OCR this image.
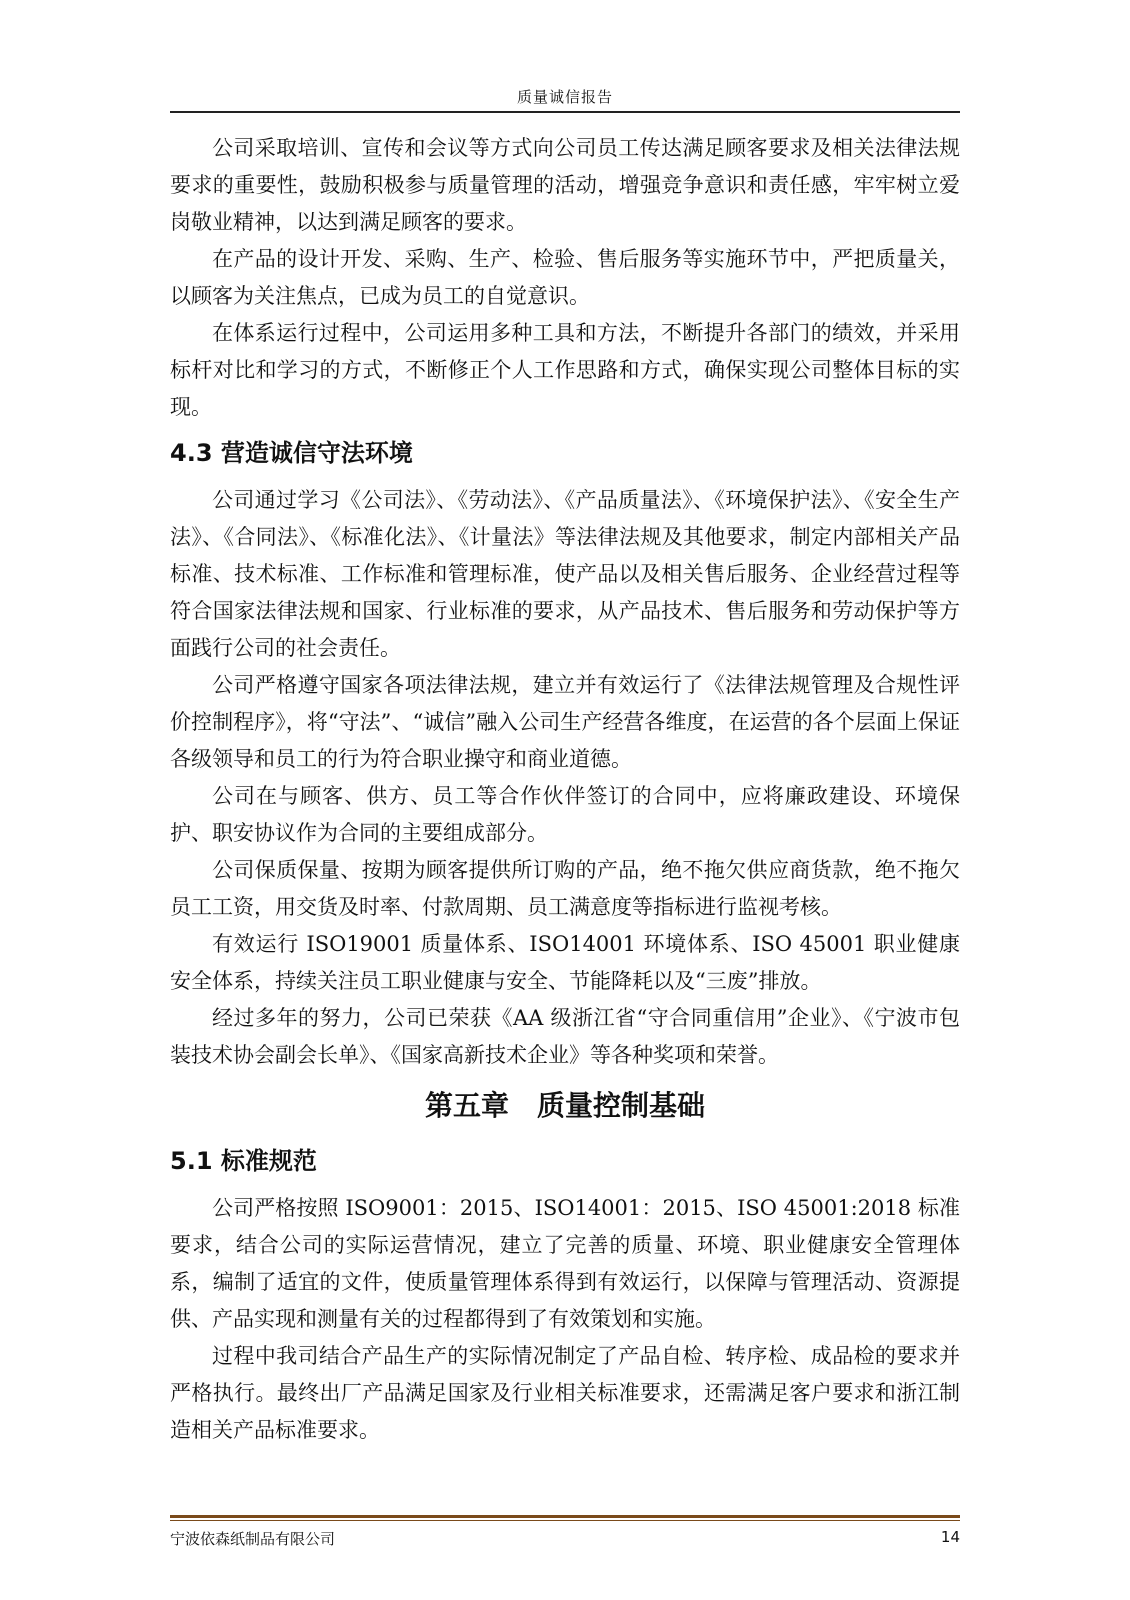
质量诚信报告

公司采取培训、宣传和会议等方式向公司员工传达满足顾客要求及相关法律法规要求的重要性，鼓励积极参与质量管理的活动，增强竞争意识和责任感，牢牢树立爱岗敬业精神，以达到满足顾客的要求。

在产品的设计开发、采购、生产、检验、售后服务等实施环节中，严把质量关，以顾客为关注焦点，已成为员工的自觉意识。

在体系运行过程中，公司运用多种工具和方法，不断提升各部门的绩效，并采用标杆对比和学习的方式，不断修正个人工作思路和方式，确保实现公司整体目标的实现。

4.3 营造诚信守法环境

公司通过学习《公司法》、《劳动法》、《产品质量法》、《环境保护法》、《安全生产法》、《合同法》、《标准化法》、《计量法》等法律法规及其他要求，制定内部相关产品标准、技术标准、工作标准和管理标准，使产品以及相关售后服务、企业经营过程等符合国家法律法规和国家、行业标准的要求，从产品技术、售后服务和劳动保护等方面践行公司的社会责任。

公司严格遵守国家各项法律法规，建立并有效运行了《法律法规管理及合规性评价控制程序》，将“守法”、“诚信”融入公司生产经营各维度，在运营的各个层面上保证各级领导和员工的行为符合职业操守和商业道德。

公司在与顾客、供方、员工等合作伙伴签订的合同中，应将廉政建设、环境保护、职安协议作为合同的主要组成部分。

公司保质保量、按期为顾客提供所订购的产品，绝不拖欠供应商货款，绝不拖欠员工工资，用交货及时率、付款周期、员工满意度等指标进行监视考核。

有效运行 ISO19001 质量体系、ISO14001 环境体系、ISO 45001 职业健康安全体系，持续关注员工职业健康与安全、节能降耗以及“三废”排放。

经过多年的努力，公司已荣获《AA 级浙江省“守合同重信用”企业》、《宁波市包装技术协会副会长单》、《国家高新技术企业》等各种奖项和荣誉。

第五章　质量控制基础
5.1 标准规范

公司严格按照 ISO9001：2015、ISO14001：2015、ISO 45001:2018 标准要求，结合公司的实际运营情况，建立了完善的质量、环境、职业健康安全管理体系，编制了适宜的文件，使质量管理体系得到有效运行，以保障与管理活动、资源提供、产品实现和测量有关的过程都得到了有效策划和实施。

过程中我司结合产品生产的实际情况制定了产品自检、转序检、成品检的要求并严格执行。最终出厂产品满足国家及行业相关标准要求，还需满足客户要求和浙江制造相关产品标准要求。

宁波依森纸制品有限公司	14
